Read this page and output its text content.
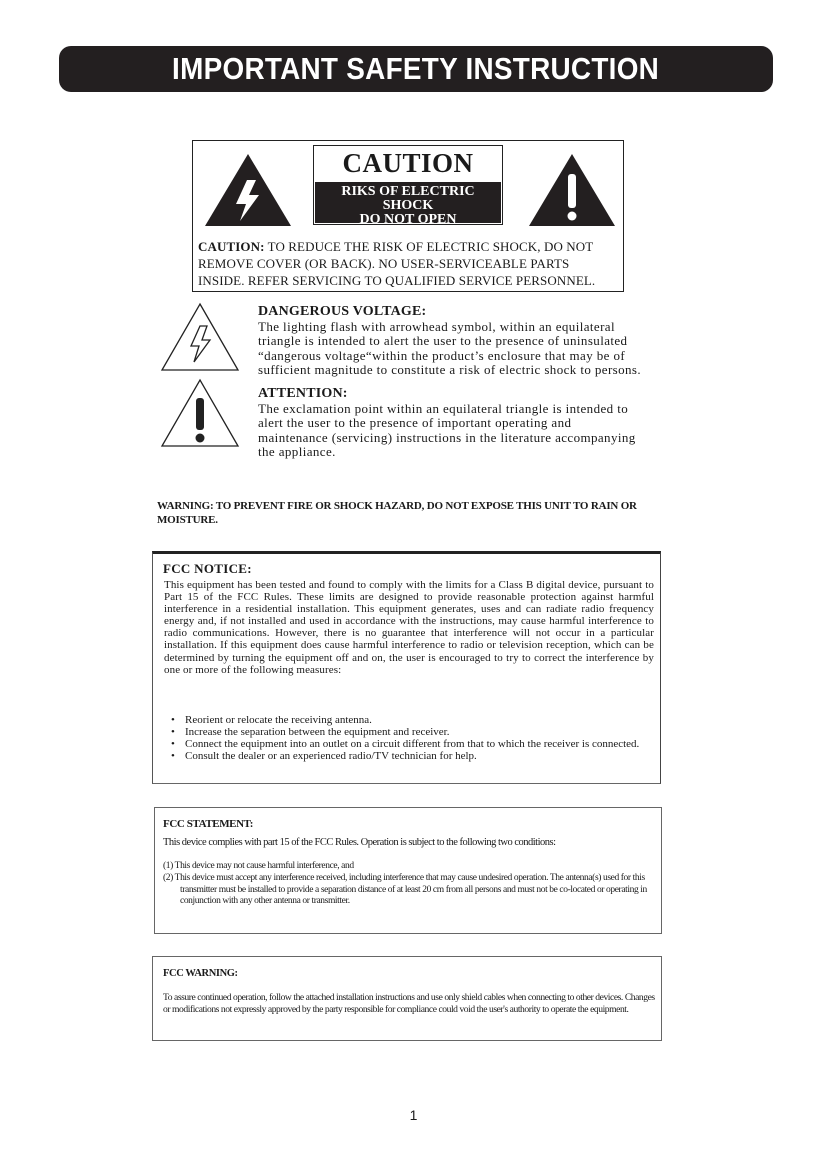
IMPORTANT SAFETY INSTRUCTION
CAUTION
RIKS OF ELECTRIC
SHOCK
DO NOT OPEN
CAUTION: TO REDUCE THE RISK OF ELECTRIC SHOCK, DO NOT
REMOVE COVER (OR BACK). NO USER-SERVICEABLE PARTS
INSIDE. REFER SERVICING TO QUALIFIED SERVICE PERSONNEL.
DANGEROUS VOLTAGE:
The lighting flash with arrowhead symbol, within an equilateral
triangle is intended to alert the user to the presence of uninsulated
“dangerous voltage“within the product’s enclosure that may be of
sufficient magnitude to constitute a risk of electric shock to persons.
ATTENTION:
The exclamation point within an equilateral triangle is intended to
alert the user to the presence of important operating and
maintenance (servicing) instructions in the literature accompanying
the appliance.
WARNING: TO PREVENT FIRE OR SHOCK HAZARD, DO NOT EXPOSE THIS UNIT TO RAIN OR MOISTURE.
FCC NOTICE:
This equipment has been tested and found to comply with the limits for a Class B digital device, pursuant to Part 15 of the FCC Rules. These limits are designed to provide reasonable protection against harmful interference in a residential installation. This equipment generates, uses and can radiate radio frequency energy and, if not installed and used in accordance with the instructions, may cause harmful interference to radio communications. However, there is no guarantee that interference will not occur in a particular installation. If this equipment does cause harmful interference to radio or television reception, which can be determined by turning the equipment off and on, the user is encouraged to try to correct the interference by one or more of the following measures:
• Reorient or relocate the receiving antenna.
• Increase the separation between the equipment and receiver.
• Connect the equipment into an outlet on a circuit different from that to which the receiver is connected.
• Consult the dealer or an experienced radio/TV technician for help.
FCC STATEMENT:
This device complies with part 15 of the FCC Rules. Operation is subject to the following two conditions:
(1) This device may not cause harmful interference, and
(2) This device must accept any interference received, including interference that may cause undesired operation. The antenna(s) used for this transmitter must be installed to provide a separation distance of at least 20 cm from all persons and must not be co-located or operating in conjunction with any other antenna or transmitter.
FCC WARNING:
To assure continued operation, follow the attached installation instructions and use only shield cables when connecting to other devices. Changes or modifications not expressly approved by the party responsible for compliance could void the user's authority to operate the equipment.
1
